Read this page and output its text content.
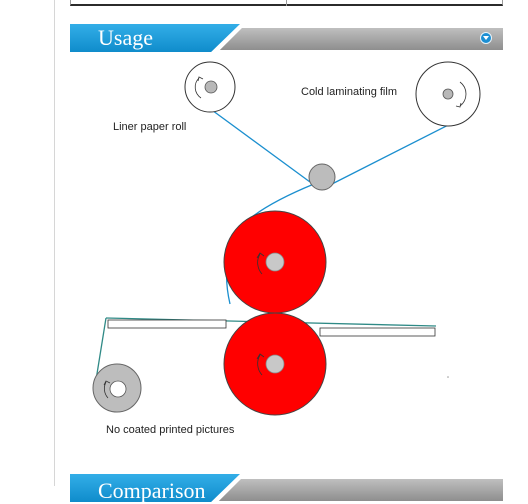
Usage
Liner paper roll
Cold laminating film
No coated printed pictures
Comparison
